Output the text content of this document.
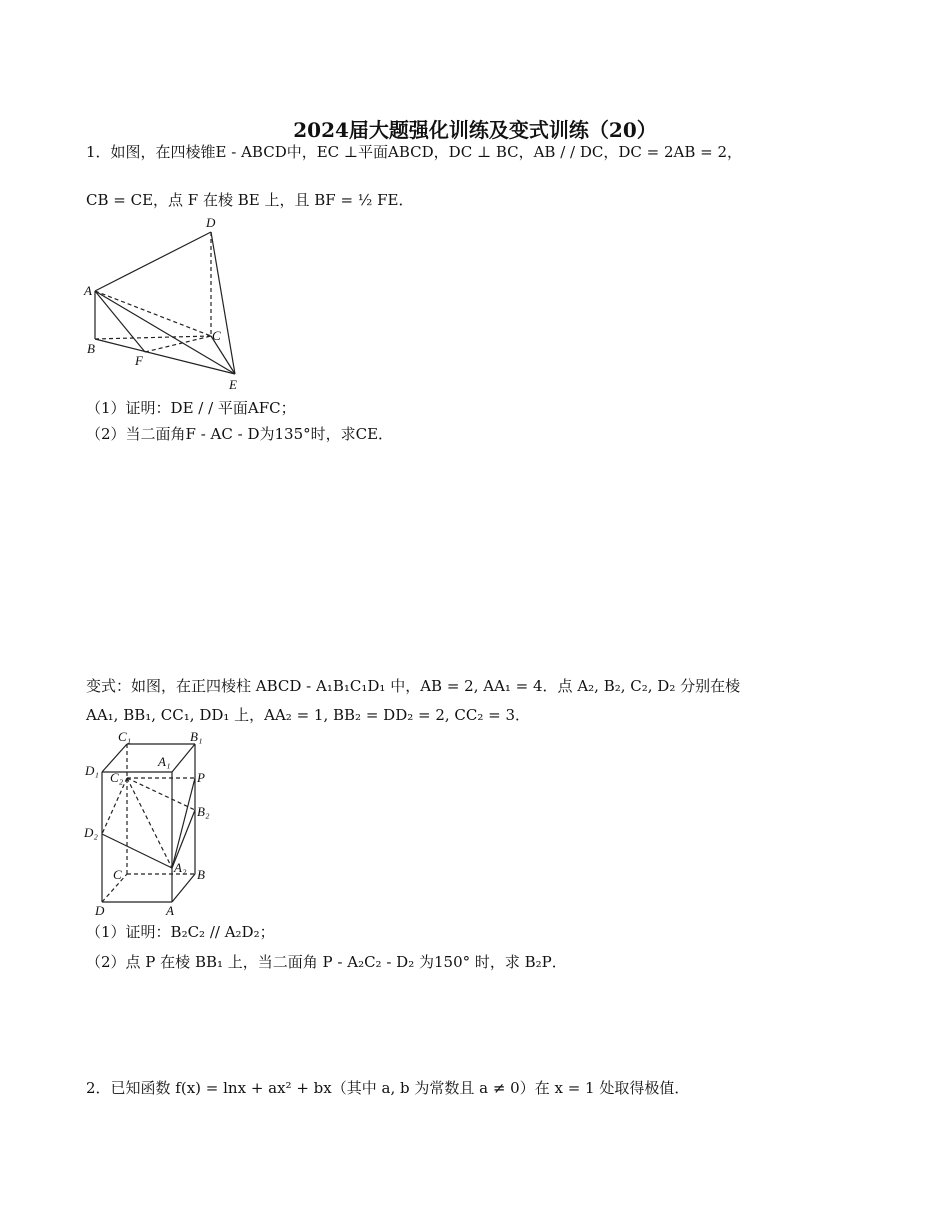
2024届大题强化训练及变式训练（20）
1．如图，在四棱锥E - ABCD中，EC ⊥平面ABCD，DC ⊥ BC，AB / / DC，DC = 2AB = 2，
CB = CE，点 F 在棱 BE 上，且 BF = ½ FE．
D
A
C
B
F
E
（1）证明：DE / / 平面AFC；
（2）当二面角F - AC - D为135°时，求CE．
变式：如图，在正四棱柱 ABCD - A₁B₁C₁D₁ 中，AB = 2, AA₁ = 4．点 A₂, B₂, C₂, D₂ 分别在棱
AA₁, BB₁, CC₁, DD₁ 上，AA₂ = 1, BB₂ = DD₂ = 2, CC₂ = 3．
C₁	B₁
D₁
A₁
C₂	P
B₂
D₂
A₂
C	B
D	A
（1）证明：B₂C₂ // A₂D₂；
（2）点 P 在棱 BB₁ 上，当二面角 P - A₂C₂ - D₂ 为150° 时，求 B₂P．
2．已知函数 f(x) = lnx + ax² + bx（其中 a, b 为常数且 a ≠ 0）在 x = 1 处取得极值．
